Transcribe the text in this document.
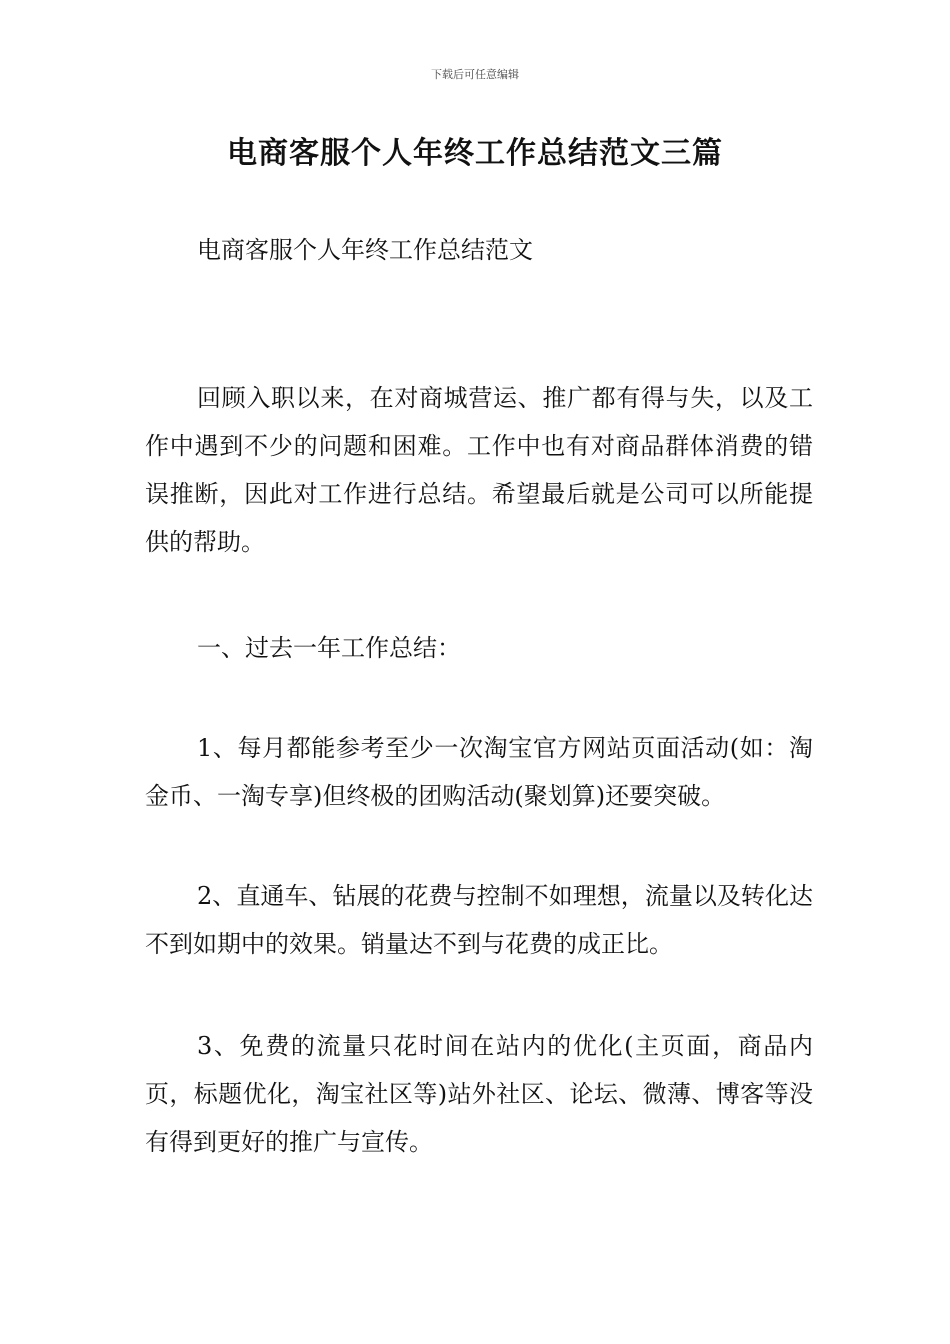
下载后可任意编辑
电商客服个人年终工作总结范文三篇

电商客服个人年终工作总结范文

回顾入职以来，在对商城营运、推广都有得与失，以及工作中遇到不少的问题和困难。工作中也有对商品群体消费的错误推断，因此对工作进行总结。希望最后就是公司可以所能提供的帮助。

一、过去一年工作总结：

1、每月都能参考至少一次淘宝官方网站页面活动(如：淘金币、一淘专享)但终极的团购活动(聚划算)还要突破。

2、直通车、钻展的花费与控制不如理想，流量以及转化达不到如期中的效果。销量达不到与花费的成正比。

3、免费的流量只花时间在站内的优化(主页面，商品内页，标题优化，淘宝社区等)站外社区、论坛、微薄、博客等没有得到更好的推广与宣传。
